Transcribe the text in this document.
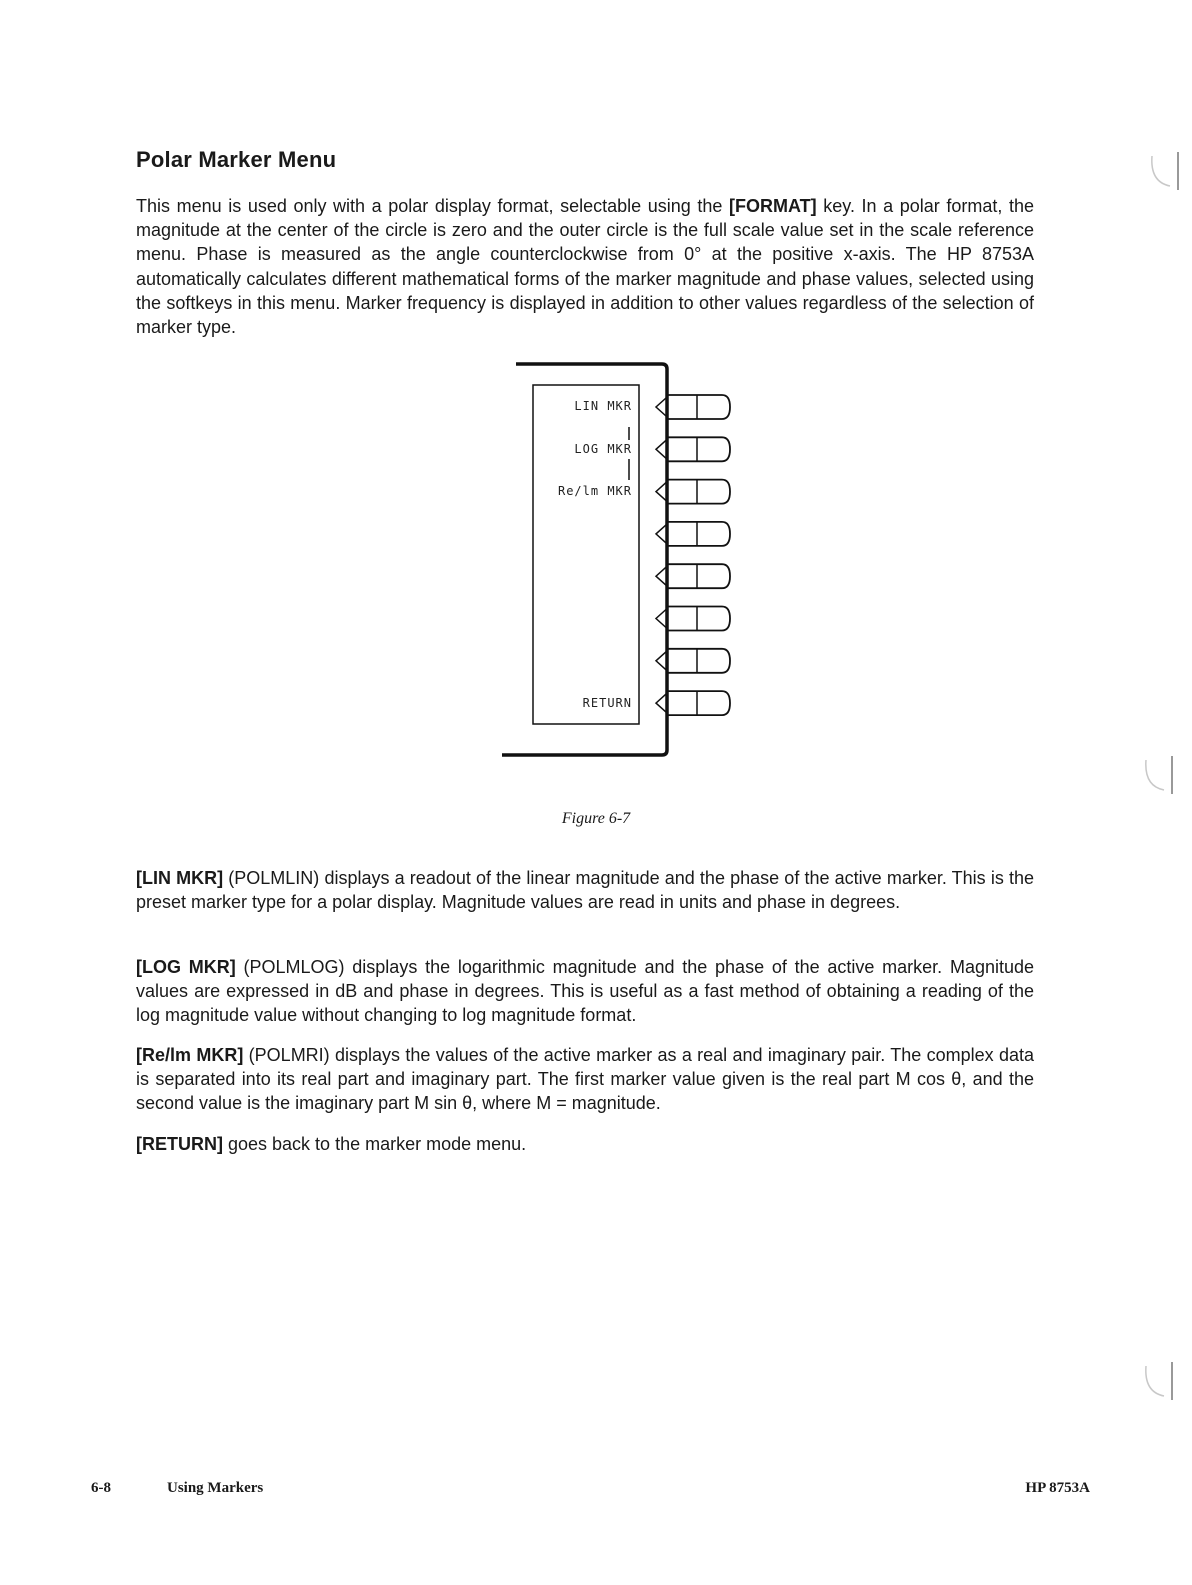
Polar Marker Menu

This menu is used only with a polar display format, selectable using the [FORMAT] key. In a polar format, the magnitude at the center of the circle is zero and the outer circle is the full scale value set in the scale reference menu. Phase is measured as the angle counterclockwise from 0° at the positive x-axis. The HP 8753A automatically calculates different mathematical forms of the marker magnitude and phase values, selected using the softkeys in this menu. Marker frequency is displayed in addition to other values regardless of the selection of marker type.

LIN MKR
LOG MKR
Re/lm MKR
RETURN
Figure 6-7

[LIN MKR] (POLMLIN) displays a readout of the linear magnitude and the phase of the active marker. This is the preset marker type for a polar display. Magnitude values are read in units and phase in degrees.

[LOG MKR] (POLMLOG) displays the logarithmic magnitude and the phase of the active marker. Magnitude values are expressed in dB and phase in degrees. This is useful as a fast method of obtaining a reading of the log magnitude value without changing to log magnitude format.

[Re/lm MKR] (POLMRI) displays the values of the active marker as a real and imaginary pair. The complex data is separated into its real part and imaginary part. The first marker value given is the real part M cos θ, and the second value is the imaginary part M sin θ, where M = magnitude.

[RETURN] goes back to the marker mode menu.

6-8	Using Markers	HP 8753A
